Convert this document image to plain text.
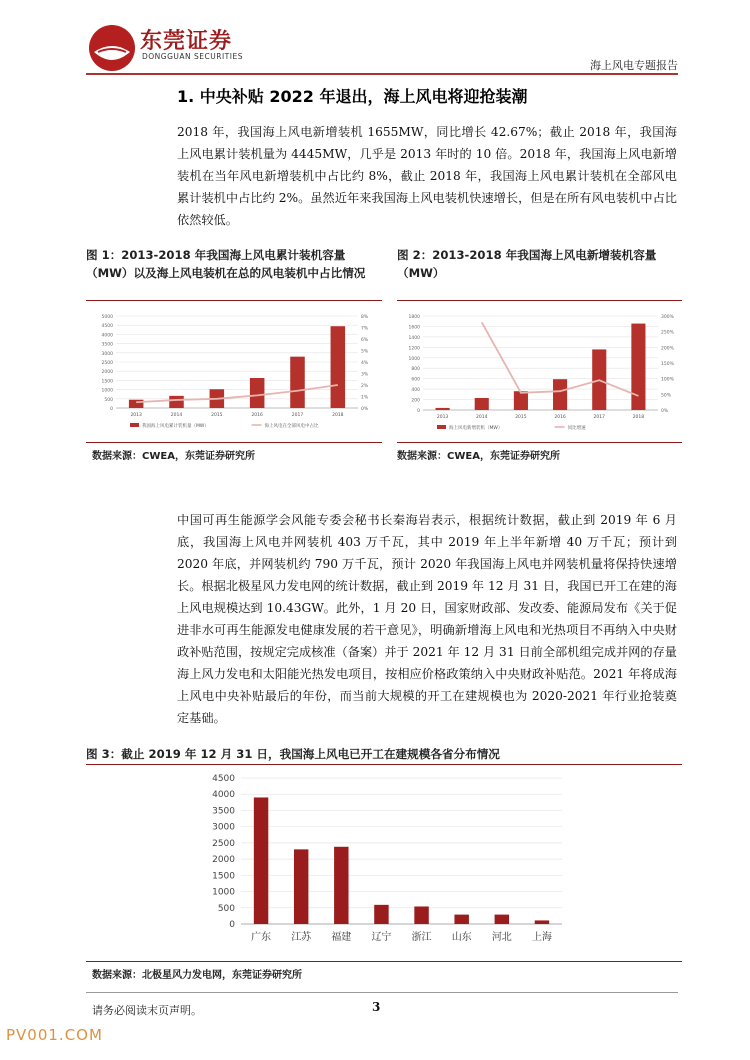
东莞证券
DONGGUAN SECURITIES
海上风电专题报告
1. 中央补贴 2022 年退出，海上风电将迎抢装潮

2018 年，我国海上风电新增装机 1655MW，同比增长 42.67%；截止 2018 年，我国海上风电累计装机量为 4445MW，几乎是 2013 年时的 10 倍。2018 年，我国海上风电新增装机在当年风电新增装机中占比约 8%，截止 2018 年，我国海上风电累计装机在全部风电累计装机中占比约 2%。虽然近年来我国海上风电装机快速增长，但是在所有风电装机中占比依然较低。

图 1：2013-2018 年我国海上风电累计装机容量（MW）以及海上风电装机在总的风电装机中占比情况
0
500
1000
1500
2000
2500
3000
3500
4000
4500
5000
0%
1%
2%
3%
4%
5%
6%
7%
8%
2013	2014	2015	2016	2017	2018
我国海上风电累计装机量（MW）	海上风电在全部风电中占比
数据来源：CWEA，东莞证券研究所
图 2：2013-2018 年我国海上风电新增装机容量（MW）
0
200
400
600
800
1000
1200
1400
1600
1800
0%
50%
100%
150%
200%
250%
300%
2013	2014	2015	2016	2017	2018
海上风电新增装机（MW）	同比增速
数据来源：CWEA，东莞证券研究所

中国可再生能源学会风能专委会秘书长秦海岩表示，根据统计数据，截止到 2019 年 6 月底，我国海上风电并网装机 403 万千瓦，其中 2019 年上半年新增 40 万千瓦；预计到 2020 年底，并网装机约 790 万千瓦，预计 2020 年我国海上风电并网装机量将保持快速增长。根据北极星风力发电网的统计数据，截止到 2019 年 12 月 31 日，我国已开工在建的海上风电规模达到 10.43GW。此外，1 月 20 日，国家财政部、发改委、能源局发布《关于促进非水可再生能源发电健康发展的若干意见》，明确新增海上风电和光热项目不再纳入中央财政补贴范围，按规定完成核准（备案）并于 2021 年 12 月 31 日前全部机组完成并网的存量海上风力发电和太阳能光热发电项目，按相应价格政策纳入中央财政补贴范。2021 年将成海上风电中央补贴最后的年份，而当前大规模的开工在建规模也为 2020-2021 年行业抢装奠定基础。

图 3：截止 2019 年 12 月 31 日，我国海上风电已开工在建规模各省分布情况
0
500
1000
1500
2000
2500
3000
3500
4000
4500
广东 江苏 福建 辽宁 浙江 山东 河北 上海
数据来源：北极星风力发电网，东莞证券研究所
请务必阅读末页声明。	3
PV001.COM
